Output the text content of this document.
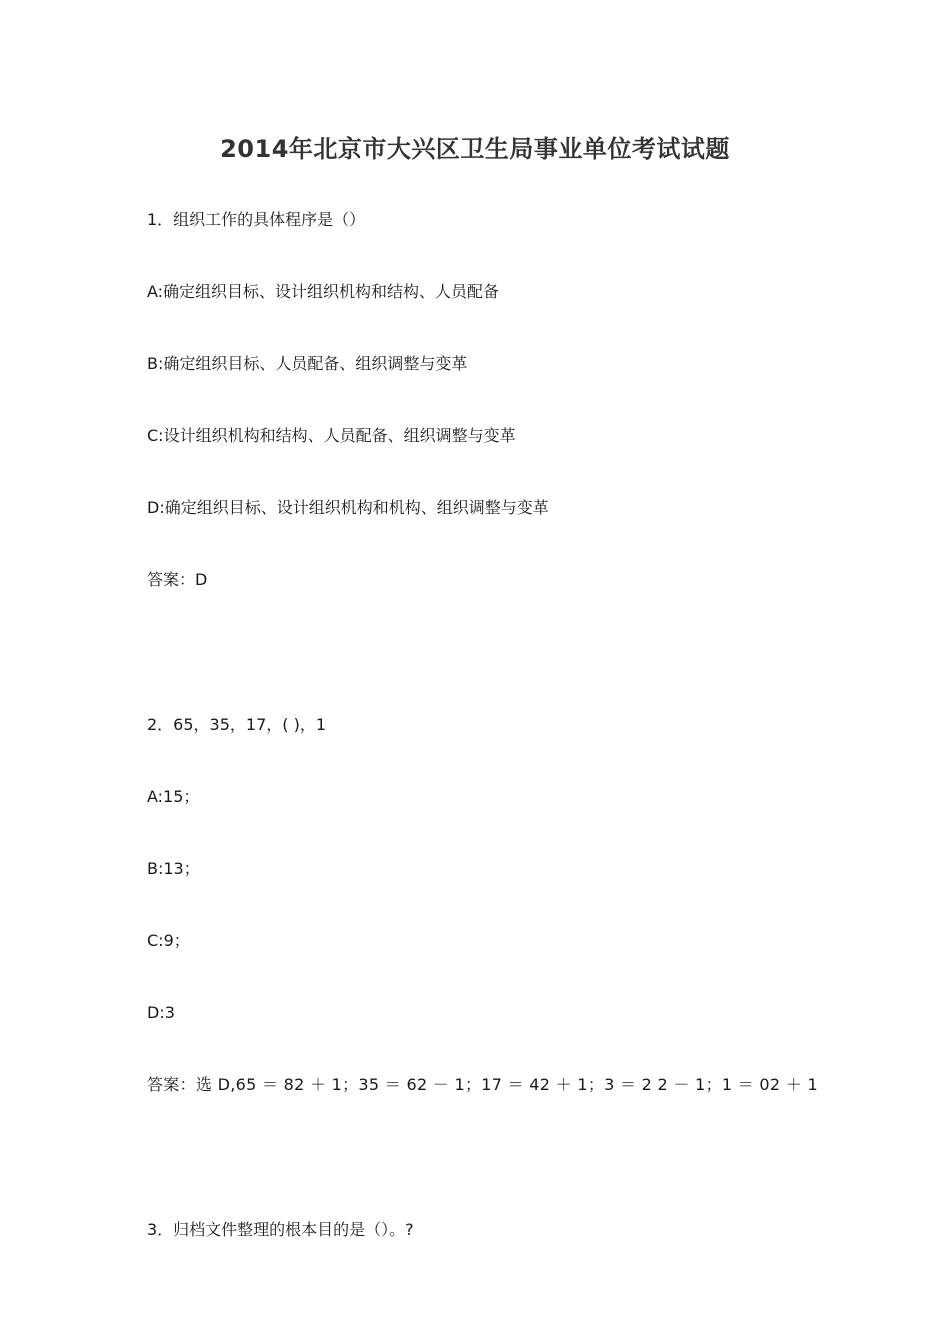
2014年北京市大兴区卫生局事业单位考试试题
1．组织工作的具体程序是（）
A:确定组织目标、设计组织机构和结构、人员配备
B:确定组织目标、人员配备、组织调整与变革
C:设计组织机构和结构、人员配备、组织调整与变革
D:确定组织目标、设计组织机构和机构、组织调整与变革
答案：D
2．65，35，17，( )，1
A:15；
B:13；
C:9；
D:3
答案：选 D,65 ＝ 82 ＋ 1；35 ＝ 62 － 1；17 ＝ 42 ＋ 1；3 ＝ 2 2 － 1；1 ＝ 02 ＋ 1
3．归档文件整理的根本目的是（）。?
